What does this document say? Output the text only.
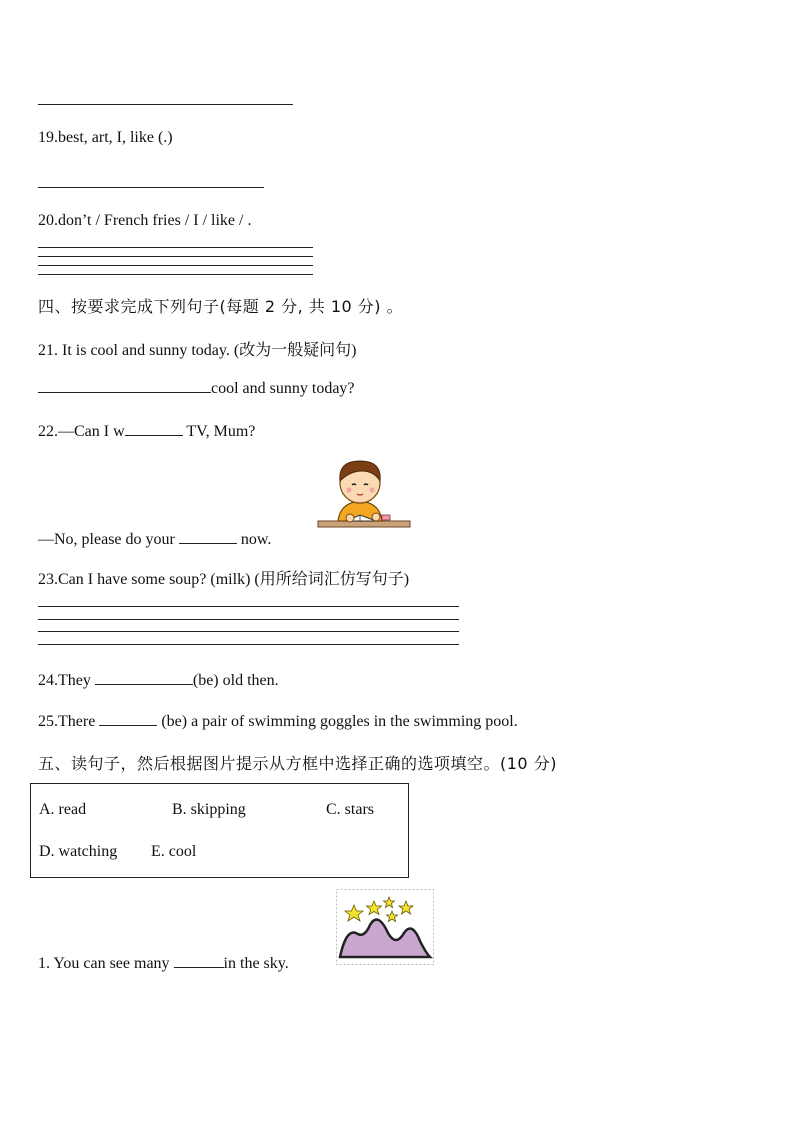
19.best, art, I, like (.)
20.don’t / French fries / I / like / .
四、按要求完成下列句子(每题 2 分, 共 10 分) 。
21. It is cool and sunny today. (改为一般疑问句)
cool and sunny today?
22.—Can I w	TV, Mum?
—No, please do your	now.
23.Can I have some soup? (milk) (用所给词汇仿写句子)
24.They	(be) old then.
25.There	(be) a pair of swimming goggles in the swimming pool.
五、读句子，然后根据图片提示从方框中选择正确的选项填空。(10 分)
A. read	B. skipping	C. stars
D. watching E. cool
1. You can see many	in the sky.
